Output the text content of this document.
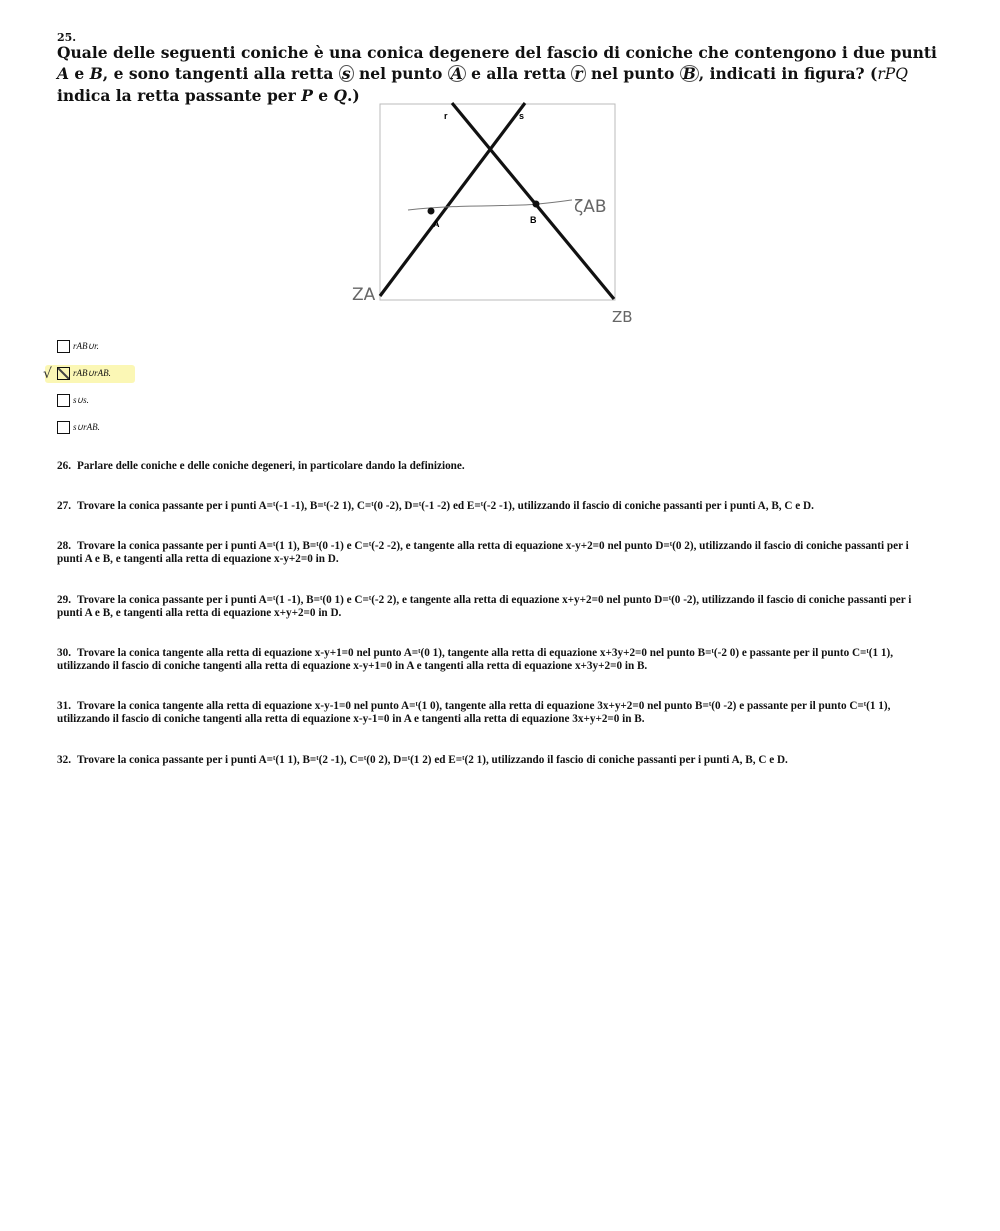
25.
Quale delle seguenti coniche è una conica degenere del fascio di coniche che contengono i due punti A e B, e sono tangenti alla retta s nel punto A e alla retta r nel punto B , indicati in figura? (rPQ indica la retta passante per P e Q.)
r	s
A	B
ζAB
ZA
ZB
rAB∪r.
√ rAB∪rAB.
s∪s.
s∪rAB.
26. Parlare delle coniche e delle coniche degeneri, in particolare dando la definizione.
27. Trovare la conica passante per i punti A=ᵗ(-1 -1), B=ᵗ(-2 1), C=ᵗ(0 -2), D=ᵗ(-1 -2) ed E=ᵗ(-2 -1), utilizzando il fascio di coniche passanti per i punti A, B, C e D.
28. Trovare la conica passante per i punti A=ᵗ(1 1), B=ᵗ(0 -1) e C=ᵗ(-2 -2), e tangente alla retta di equazione x-y+2=0 nel punto D=ᵗ(0 2), utilizzando il fascio di coniche passanti per i punti A e B, e tangenti alla retta di equazione x-y+2=0 in D.
29. Trovare la conica passante per i punti A=ᵗ(1 -1), B=ᵗ(0 1) e C=ᵗ(-2 2), e tangente alla retta di equazione x+y+2=0 nel punto D=ᵗ(0 -2), utilizzando il fascio di coniche passanti per i punti A e B, e tangenti alla retta di equazione x+y+2=0 in D.
30. Trovare la conica tangente alla retta di equazione x-y+1=0 nel punto A=ᵗ(0 1), tangente alla retta di equazione x+3y+2=0 nel punto B=ᵗ(-2 0) e passante per il punto C=ᵗ(1 1), utilizzando il fascio di coniche tangenti alla retta di equazione x-y+1=0 in A e tangenti alla retta di equazione x+3y+2=0 in B.
31. Trovare la conica tangente alla retta di equazione x-y-1=0 nel punto A=ᵗ(1 0), tangente alla retta di equazione 3x+y+2=0 nel punto B=ᵗ(0 -2) e passante per il punto C=ᵗ(1 1), utilizzando il fascio di coniche tangenti alla retta di equazione x-y-1=0 in A e tangenti alla retta di equazione 3x+y+2=0 in B.
32. Trovare la conica passante per i punti A=ᵗ(1 1), B=ᵗ(2 -1), C=ᵗ(0 2), D=ᵗ(1 2) ed E=ᵗ(2 1), utilizzando il fascio di coniche passanti per i punti A, B, C e D.
